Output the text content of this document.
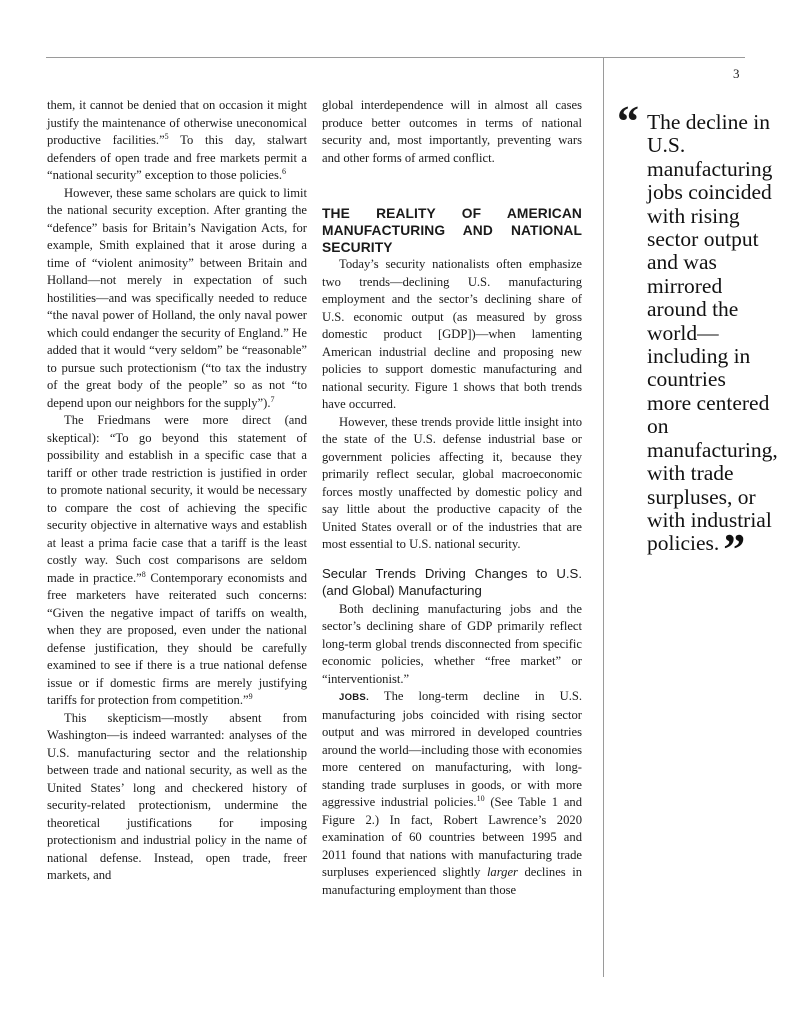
3

them, it cannot be denied that on occasion it might justify the maintenance of otherwise uneconomical productive facilities.”$^5$ To this day, stalwart defenders of open trade and free markets permit a “national security” exception to those policies.$^6$

However, these same scholars are quick to limit the national security exception. After granting the “defence” basis for Britain’s Navigation Acts, for example, Smith explained that it arose during a time of “violent animosity” between Britain and Holland—not merely in expectation of such hostilities—and was specifically needed to reduce “the naval power of Holland, the only naval power which could endanger the security of England.” He added that it would “very seldom” be “reasonable” to pursue such protectionism (“to tax the industry of the great body of the people” so as not “to depend upon our neighbors for the supply”).$^7$

The Friedmans were more direct (and skeptical): “To go beyond this statement of possibility and establish in a specific case that a tariff or other trade restriction is justified in order to promote national security, it would be necessary to compare the cost of achieving the specific security objective in alternative ways and establish at least a prima facie case that a tariff is the least costly way. Such cost comparisons are seldom made in practice.”$^8$ Contemporary economists and free marketers have reiterated such concerns: “Given the negative impact of tariffs on wealth, when they are proposed, even under the national defense justification, they should be carefully examined to see if there is a true national defense issue or if domestic firms are merely justifying tariffs for protection from competition.”$^9$

This skepticism—mostly absent from Washington—is indeed warranted: analyses of the U.S. manufacturing sector and the relationship between trade and national security, as well as the United States’ long and checkered history of security-related protectionism, undermine the theoretical justifications for imposing protectionism and industrial policy in the name of national defense. Instead, open trade, freer markets, and

global interdependence will in almost all cases produce better outcomes in terms of national security and, most importantly, preventing wars and other forms of armed conflict.

THE REALITY OF AMERICAN MANUFACTURING AND NATIONAL SECURITY

Today’s security nationalists often emphasize two trends—declining U.S. manufacturing employment and the sector’s declining share of U.S. economic output (as measured by gross domestic product [GDP])—when lamenting American industrial decline and proposing new policies to support domestic manufacturing and national security. Figure 1 shows that both trends have occurred.

However, these trends provide little insight into the state of the U.S. defense industrial base or government policies affecting it, because they primarily reflect secular, global macroeconomic forces mostly unaffected by domestic policy and say little about the productive capacity of the United States overall or of the industries that are most essential to U.S. national security.

Secular Trends Driving Changes to U.S. (and Global) Manufacturing

Both declining manufacturing jobs and the sector’s declining share of GDP primarily reflect long-term global trends disconnected from specific economic policies, whether “free market” or “interventionist.”

JOBS. The long-term decline in U.S. manufacturing jobs coincided with rising sector output and was mirrored in developed countries around the world—including those with economies more centered on manufacturing, with long-standing trade surpluses in goods, or with more aggressive industrial policies.$^{10}$ (See Table 1 and Figure 2.) In fact, Robert Lawrence’s 2020 examination of 60 countries between 1995 and 2011 found that nations with manufacturing trade surpluses experienced slightly larger declines in manufacturing employment than those

“ The decline in U.S. manufacturing jobs coincided with rising sector output and was mirrored around the world—including in countries more centered on manufacturing, with trade surpluses, or with industrial policies.”
